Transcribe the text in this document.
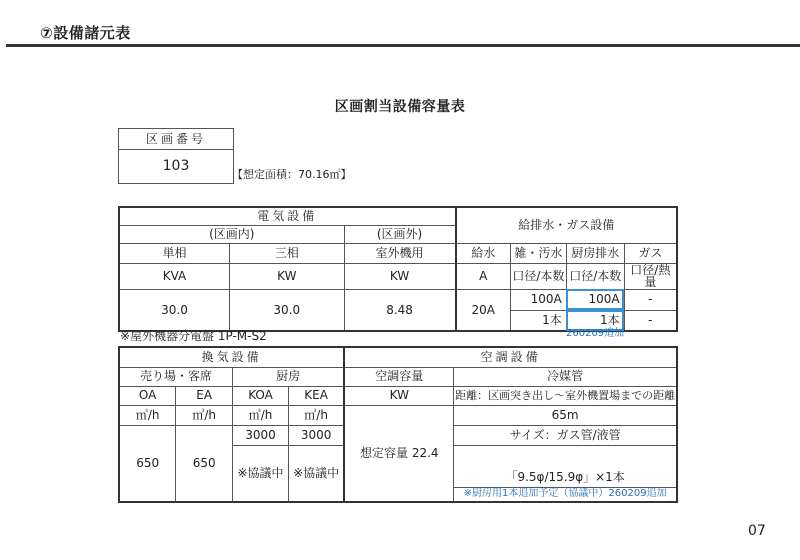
⑦設備諸元表
区画割当設備容量表
区画番号
103
【想定面積：70.16㎡】
電気設備			給排水・ガス設備			
(区画内)		(区画外)				
単相	三相	室外機用	給水	雑・汚水	厨房排水	ガス
KVA	KW	KW	A	口径/本数	口径/本数	口径/熱量
30.0	30.0	8.48	20A	100A	100A	-
				1本	1本	-
※屋外機器分電盤 1P-M-S2	260209追加
換気設備				空調設備	
売り場・客席		厨房		空調容量	冷媒管
OA	EA	KOA	KEA	KW	距離：区画突き出し～室外機置場までの距離
㎥/h	㎥/h	㎥/h	㎥/h	想定容量 22.4	65m
650	650	3000	3000		サイズ：ガス管/液管
		※協議中	※協議中		「9.5φ/15.9φ」×1本
					※厨房用1本追加予定（協議中）260209追加
07
